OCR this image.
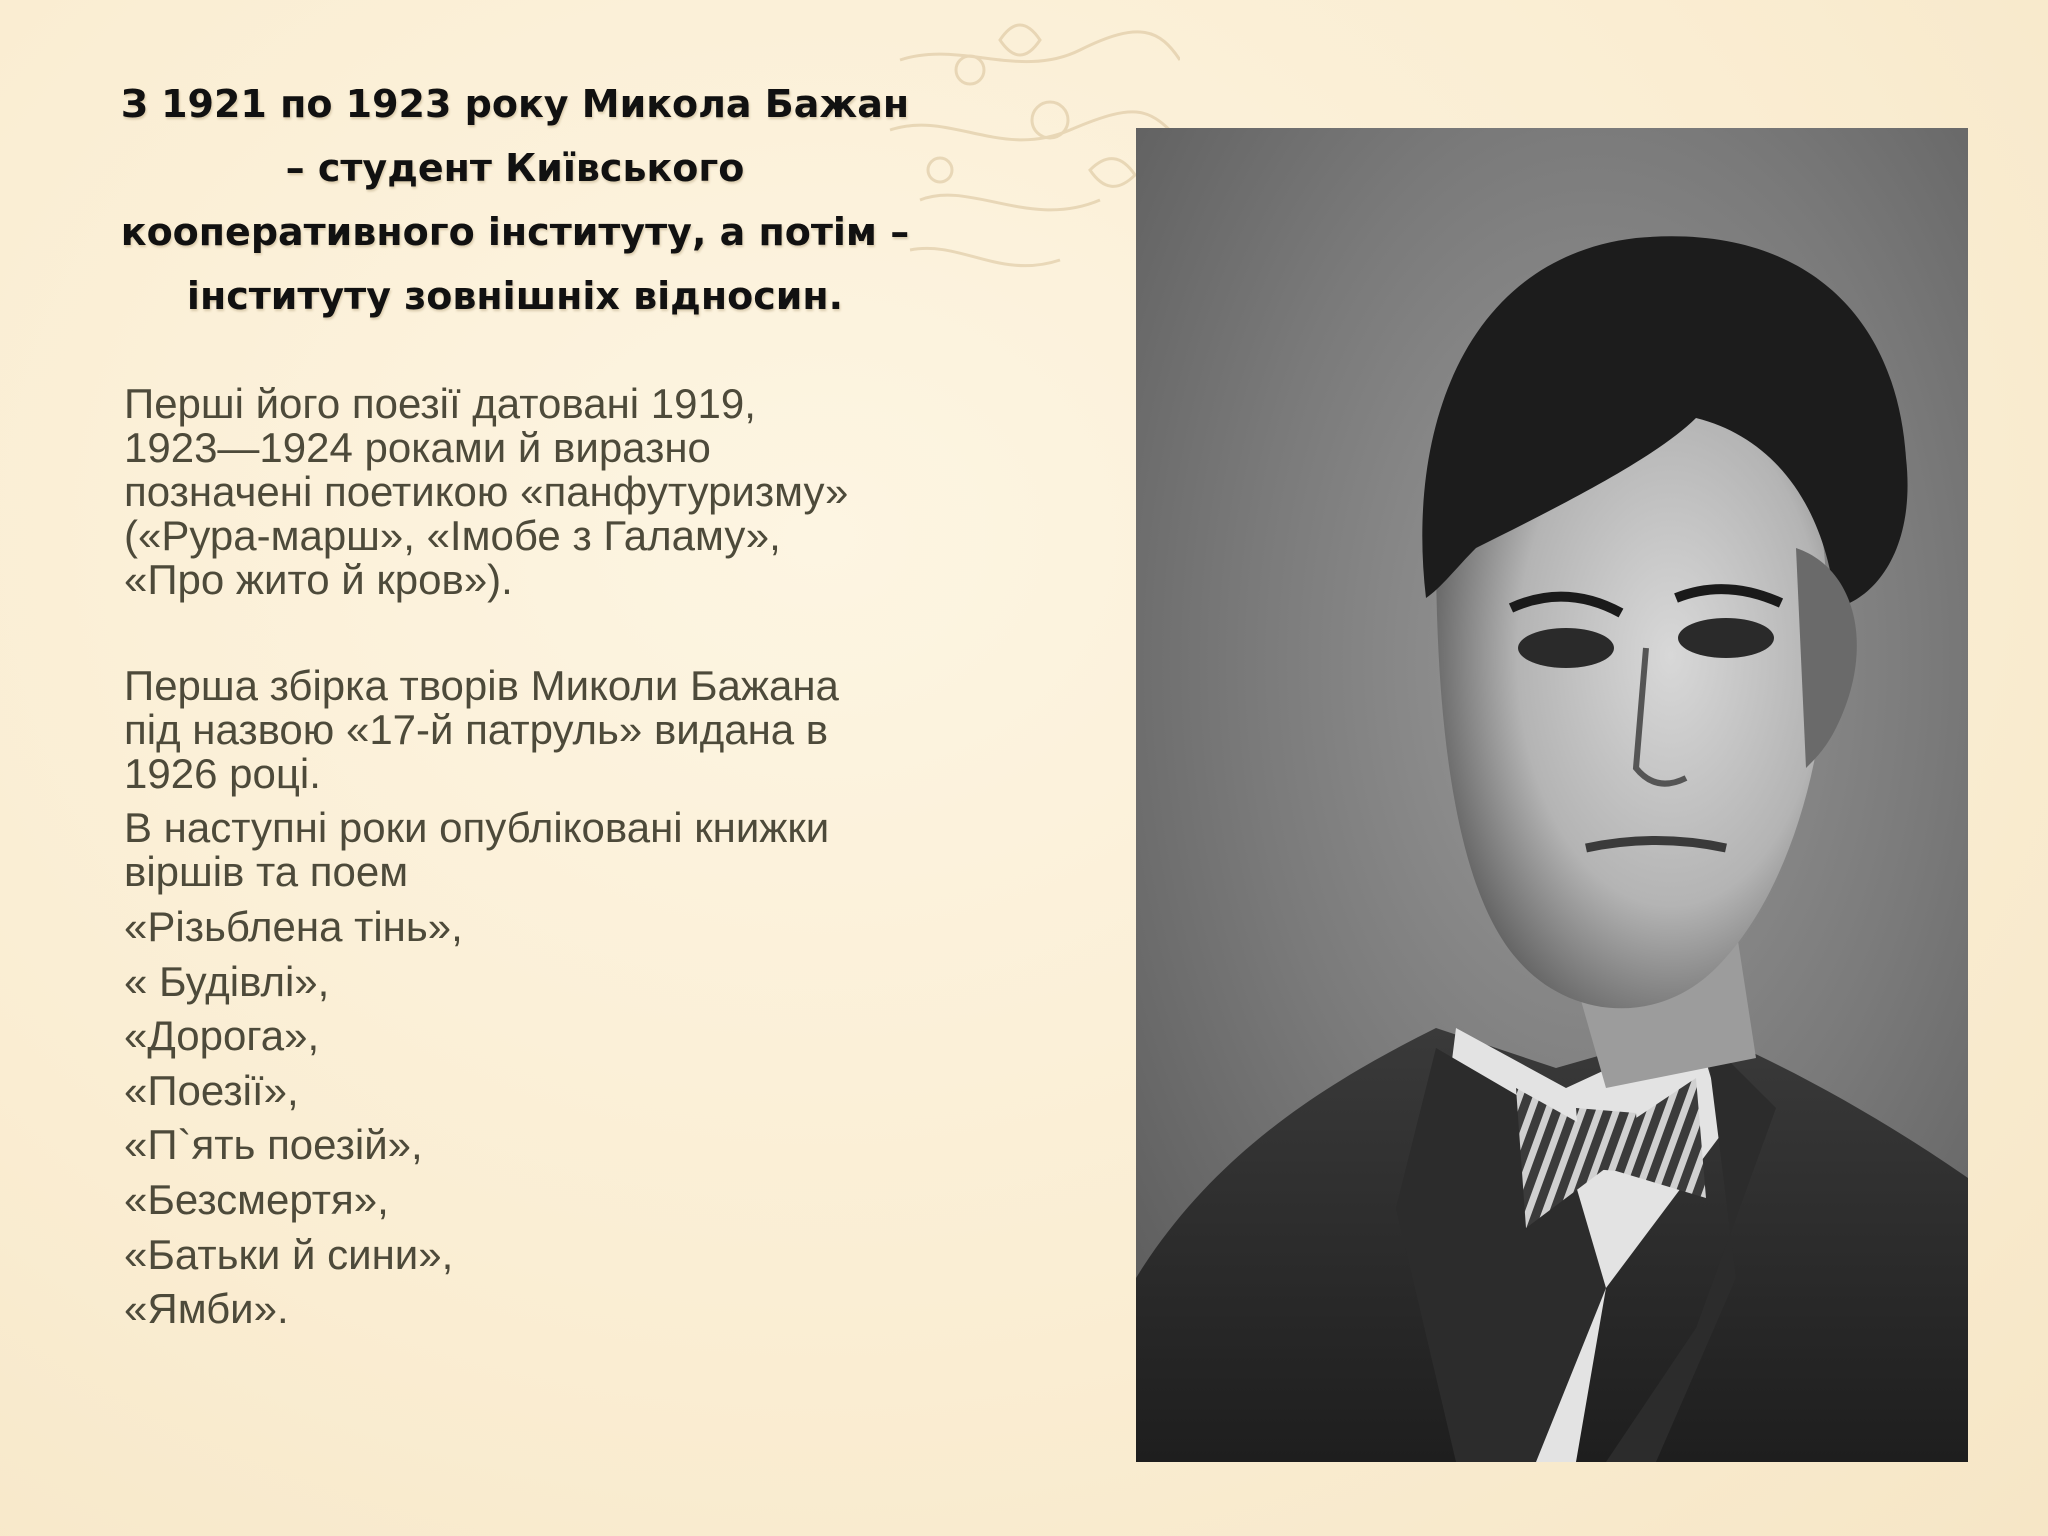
З 1921 по 1923 року Микола Бажан
– студент Київського
кооперативного інституту, а потім –
інституту зовнішніх відносин.
Перші його поезії датовані 1919,
1923—1924 роками й виразно
позначені поетикою «панфутуризму»
(«Рура-марш», «Імобе з Галаму»,
«Про жито й кров»).
Перша збірка творів Миколи Бажана
під назвою «17-й патруль» видана в
1926 році.
В наступні роки опубліковані книжки
віршів та поем
«Різьблена тінь»,
« Будівлі»,
«Дорога»,
«Поезії»,
«П`ять поезій»,
«Безсмертя»,
«Батьки й сини»,
«Ямби».
